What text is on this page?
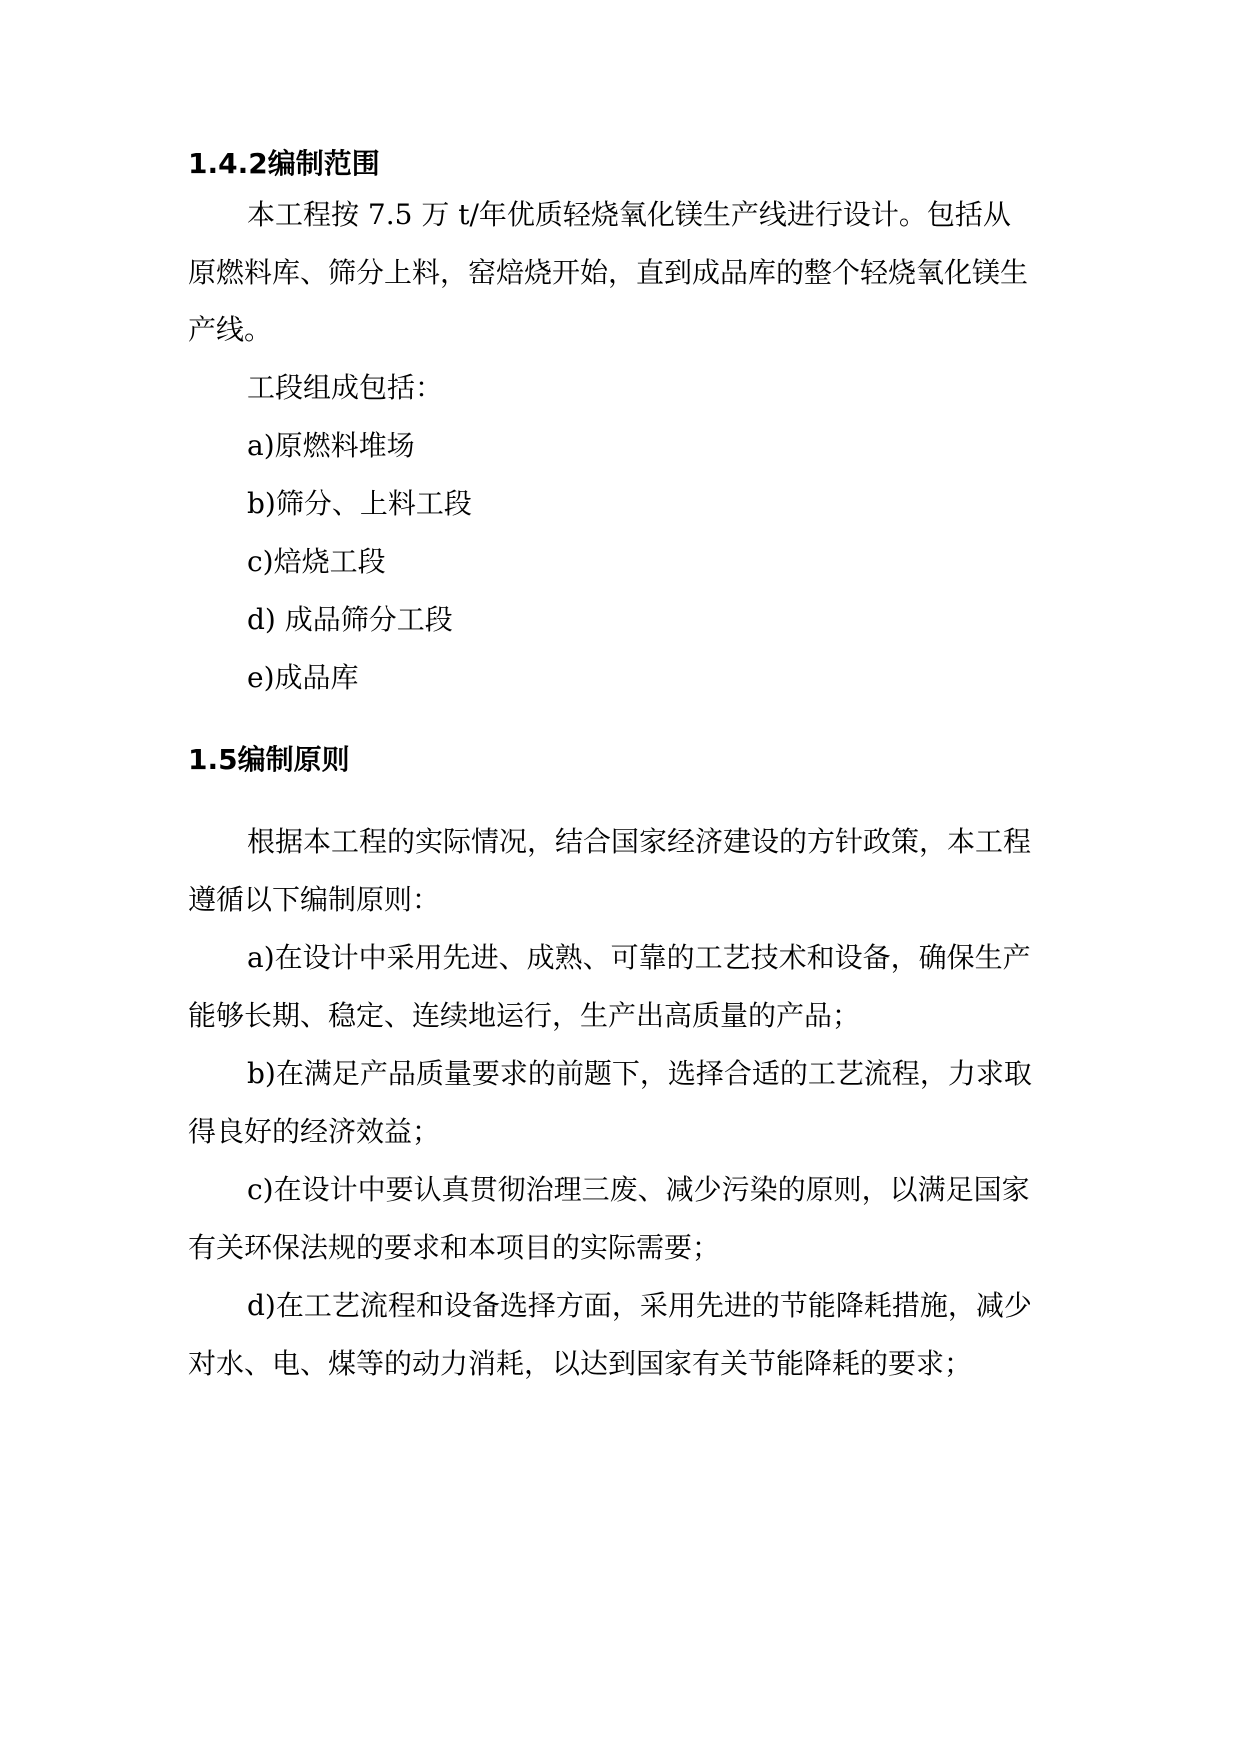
1.4.2编制范围
本工程按 7.5 万 t/年优质轻烧氧化镁生产线进行设计。包括从
原燃料库、筛分上料，窑焙烧开始，直到成品库的整个轻烧氧化镁生
产线。
工段组成包括：
a)原燃料堆场
b)筛分、上料工段
c)焙烧工段
d) 成品筛分工段
e)成品库
1.5编制原则
根据本工程的实际情况，结合国家经济建设的方针政策，本工程
遵循以下编制原则：
a)在设计中采用先进、成熟、可靠的工艺技术和设备，确保生产
能够长期、稳定、连续地运行，生产出高质量的产品；
b)在满足产品质量要求的前题下，选择合适的工艺流程，力求取
得良好的经济效益；
c)在设计中要认真贯彻治理三废、减少污染的原则，以满足国家
有关环保法规的要求和本项目的实际需要；
d)在工艺流程和设备选择方面，采用先进的节能降耗措施，减少
对水、电、煤等的动力消耗，以达到国家有关节能降耗的要求；
